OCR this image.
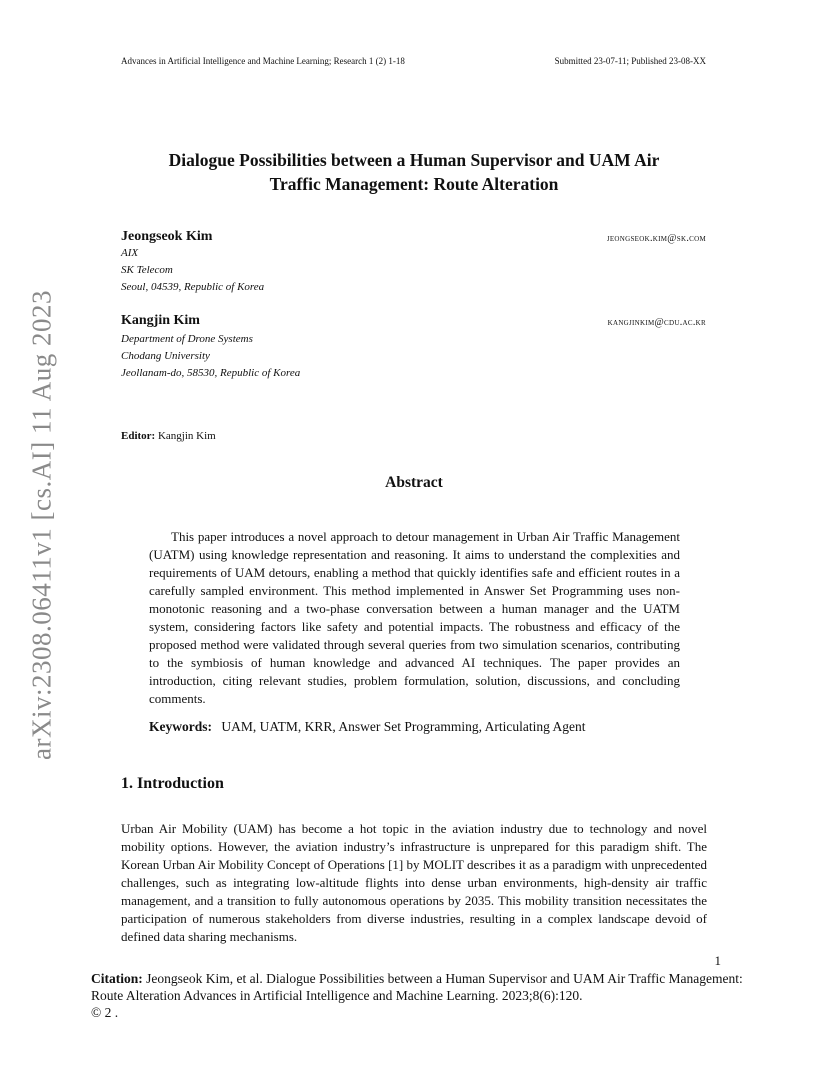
Advances in Artificial Intelligence and Machine Learning; Research 1 (2) 1-18	Submitted 23-07-11; Published 23-08-XX
arXiv:2308.06411v1 [cs.AI] 11 Aug 2023
Dialogue Possibilities between a Human Supervisor and UAM Air
Traffic Management: Route Alteration
Jeongseok Kim	jeongseok.kim@sk.com
AIX
SK Telecom
Seoul, 04539, Republic of Korea
Kangjin Kim	kangjinkim@cdu.ac.kr
Department of Drone Systems
Chodang University
Jeollanam-do, 58530, Republic of Korea
Editor: Kangjin Kim
Abstract
This paper introduces a novel approach to detour management in Urban Air Traffic Management (UATM) using knowledge representation and reasoning. It aims to understand the complexities and requirements of UAM detours, enabling a method that quickly identifies safe and efficient routes in a carefully sampled environment. This method implemented in Answer Set Programming uses non-monotonic reasoning and a two-phase conversation between a human manager and the UATM system, considering factors like safety and potential impacts. The robustness and efficacy of the proposed method were validated through several queries from two simulation scenarios, contributing to the symbiosis of human knowledge and advanced AI techniques. The paper provides an introduction, citing relevant studies, problem formulation, solution, discussions, and concluding comments.
Keywords: UAM, UATM, KRR, Answer Set Programming, Articulating Agent
1. Introduction
Urban Air Mobility (UAM) has become a hot topic in the aviation industry due to technology and novel mobility options. However, the aviation industry’s infrastructure is unprepared for this paradigm shift. The Korean Urban Air Mobility Concept of Operations [1] by MOLIT describes it as a paradigm with unprecedented challenges, such as integrating low-altitude flights into dense urban environments, high-density air traffic management, and a transition to fully autonomous operations by 2035. This mobility transition necessitates the participation of numerous stakeholders from diverse industries, resulting in a complex landscape devoid of defined data sharing mechanisms.
1
Citation: Jeongseok Kim, et al. Dialogue Possibilities between a Human Supervisor and UAM Air Traffic Management: Route Alteration Advances in Artificial Intelligence and Machine Learning. 2023;8(6):120.
© 2 .
